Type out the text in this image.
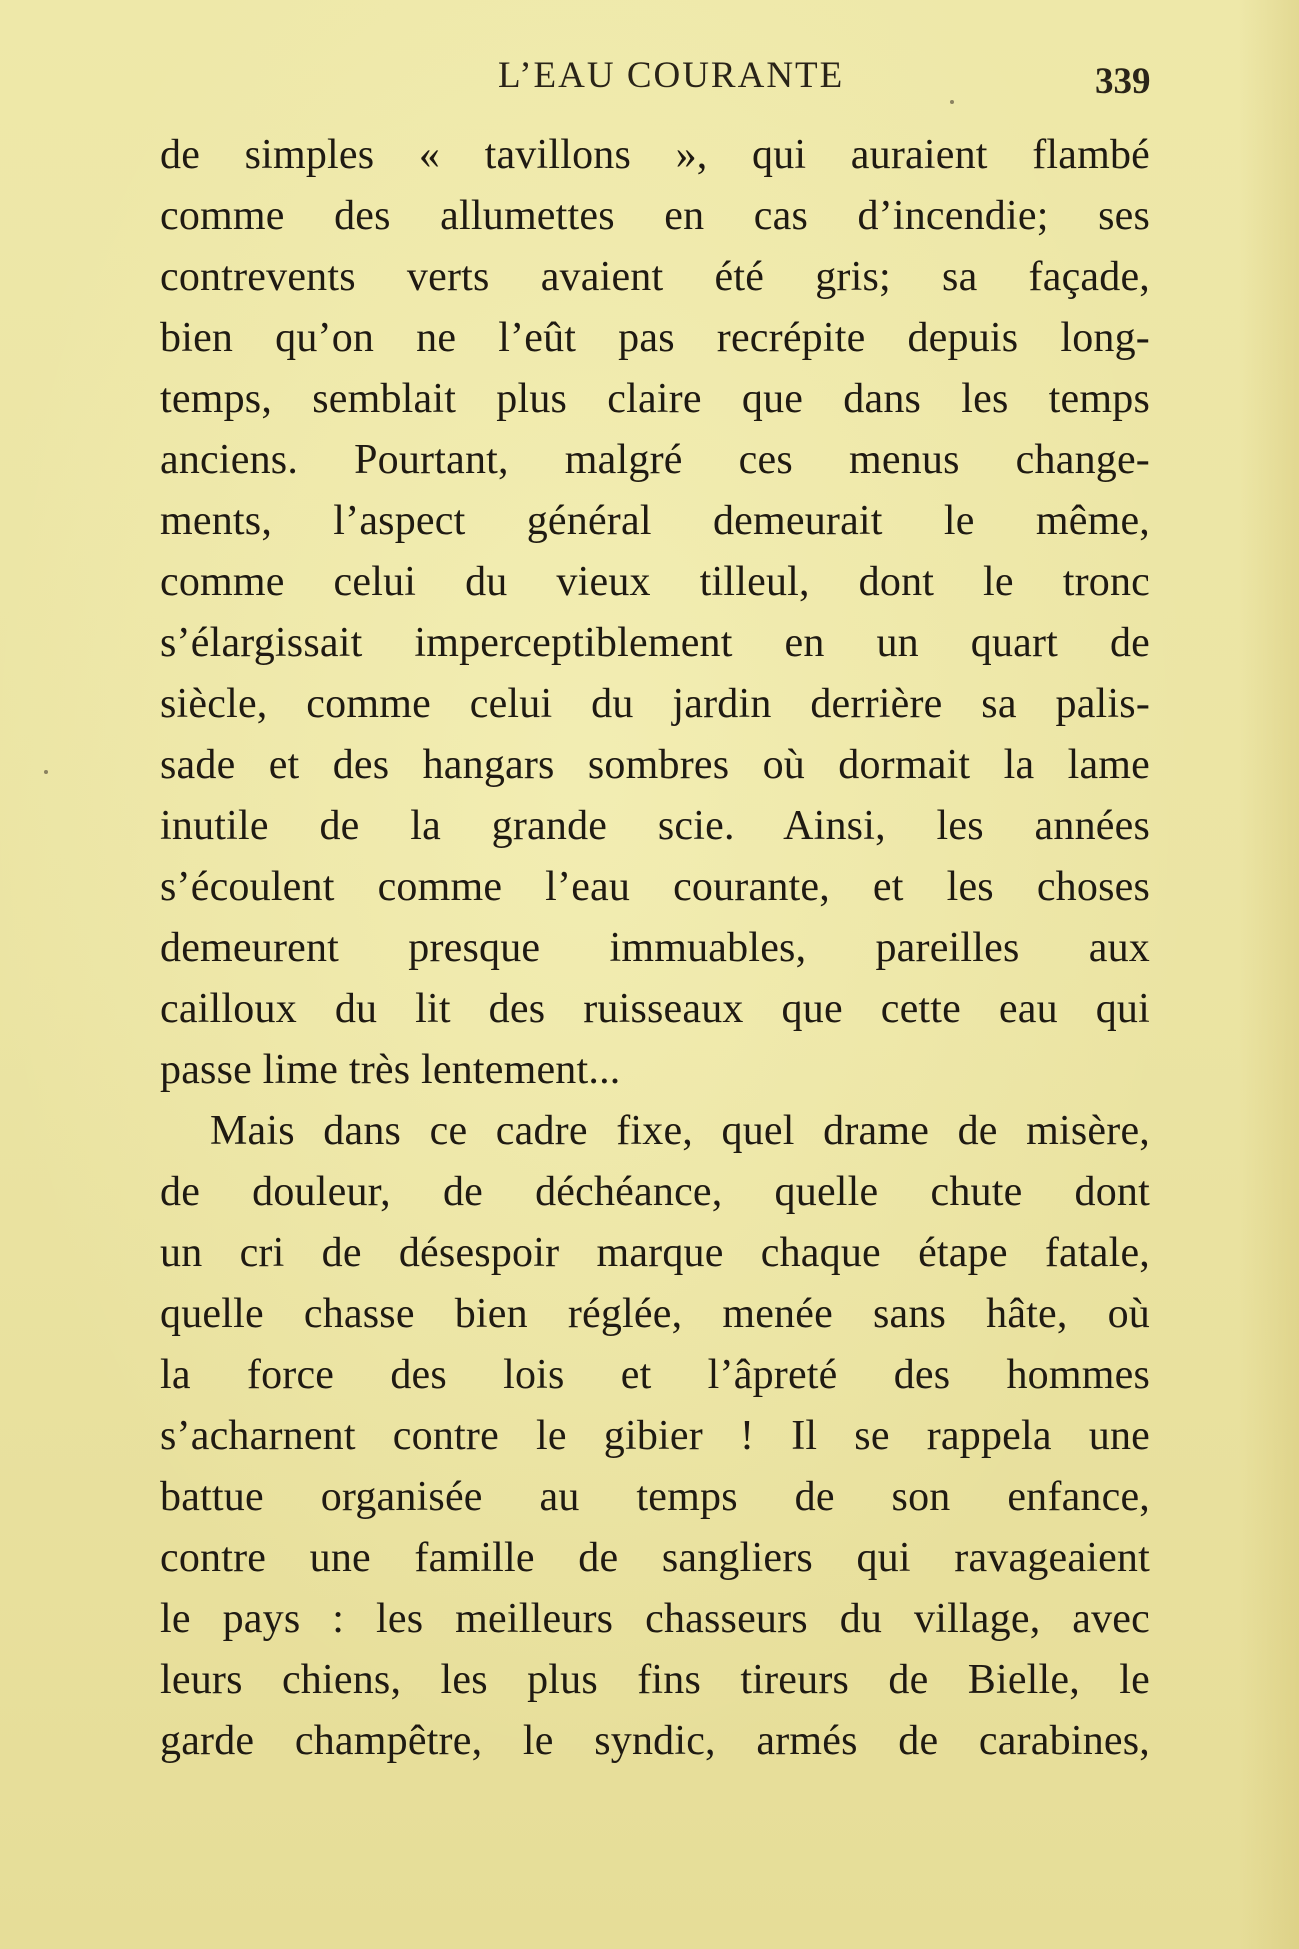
L’EAU COURANTE	339

de simples « tavillons », qui auraient flambé
comme des allumettes en cas d’incendie; ses
contrevents verts avaient été gris; sa façade,
bien qu’on ne l’eût pas recrépite depuis long-
temps, semblait plus claire que dans les temps
anciens. Pourtant, malgré ces menus change-
ments, l’aspect général demeurait le même,
comme celui du vieux tilleul, dont le tronc
s’élargissait imperceptiblement en un quart de
siècle, comme celui du jardin derrière sa palis-
sade et des hangars sombres où dormait la lame
inutile de la grande scie. Ainsi, les années
s’écoulent comme l’eau courante, et les choses
demeurent presque immuables, pareilles aux
cailloux du lit des ruisseaux que cette eau qui
passe lime très lentement...

Mais dans ce cadre fixe, quel drame de misère,
de douleur, de déchéance, quelle chute dont
un cri de désespoir marque chaque étape fatale,
quelle chasse bien réglée, menée sans hâte, où
la force des lois et l’âpreté des hommes
s’acharnent contre le gibier ! Il se rappela une
battue organisée au temps de son enfance,
contre une famille de sangliers qui ravageaient
le pays : les meilleurs chasseurs du village, avec
leurs chiens, les plus fins tireurs de Bielle, le
garde champêtre, le syndic, armés de carabines,
